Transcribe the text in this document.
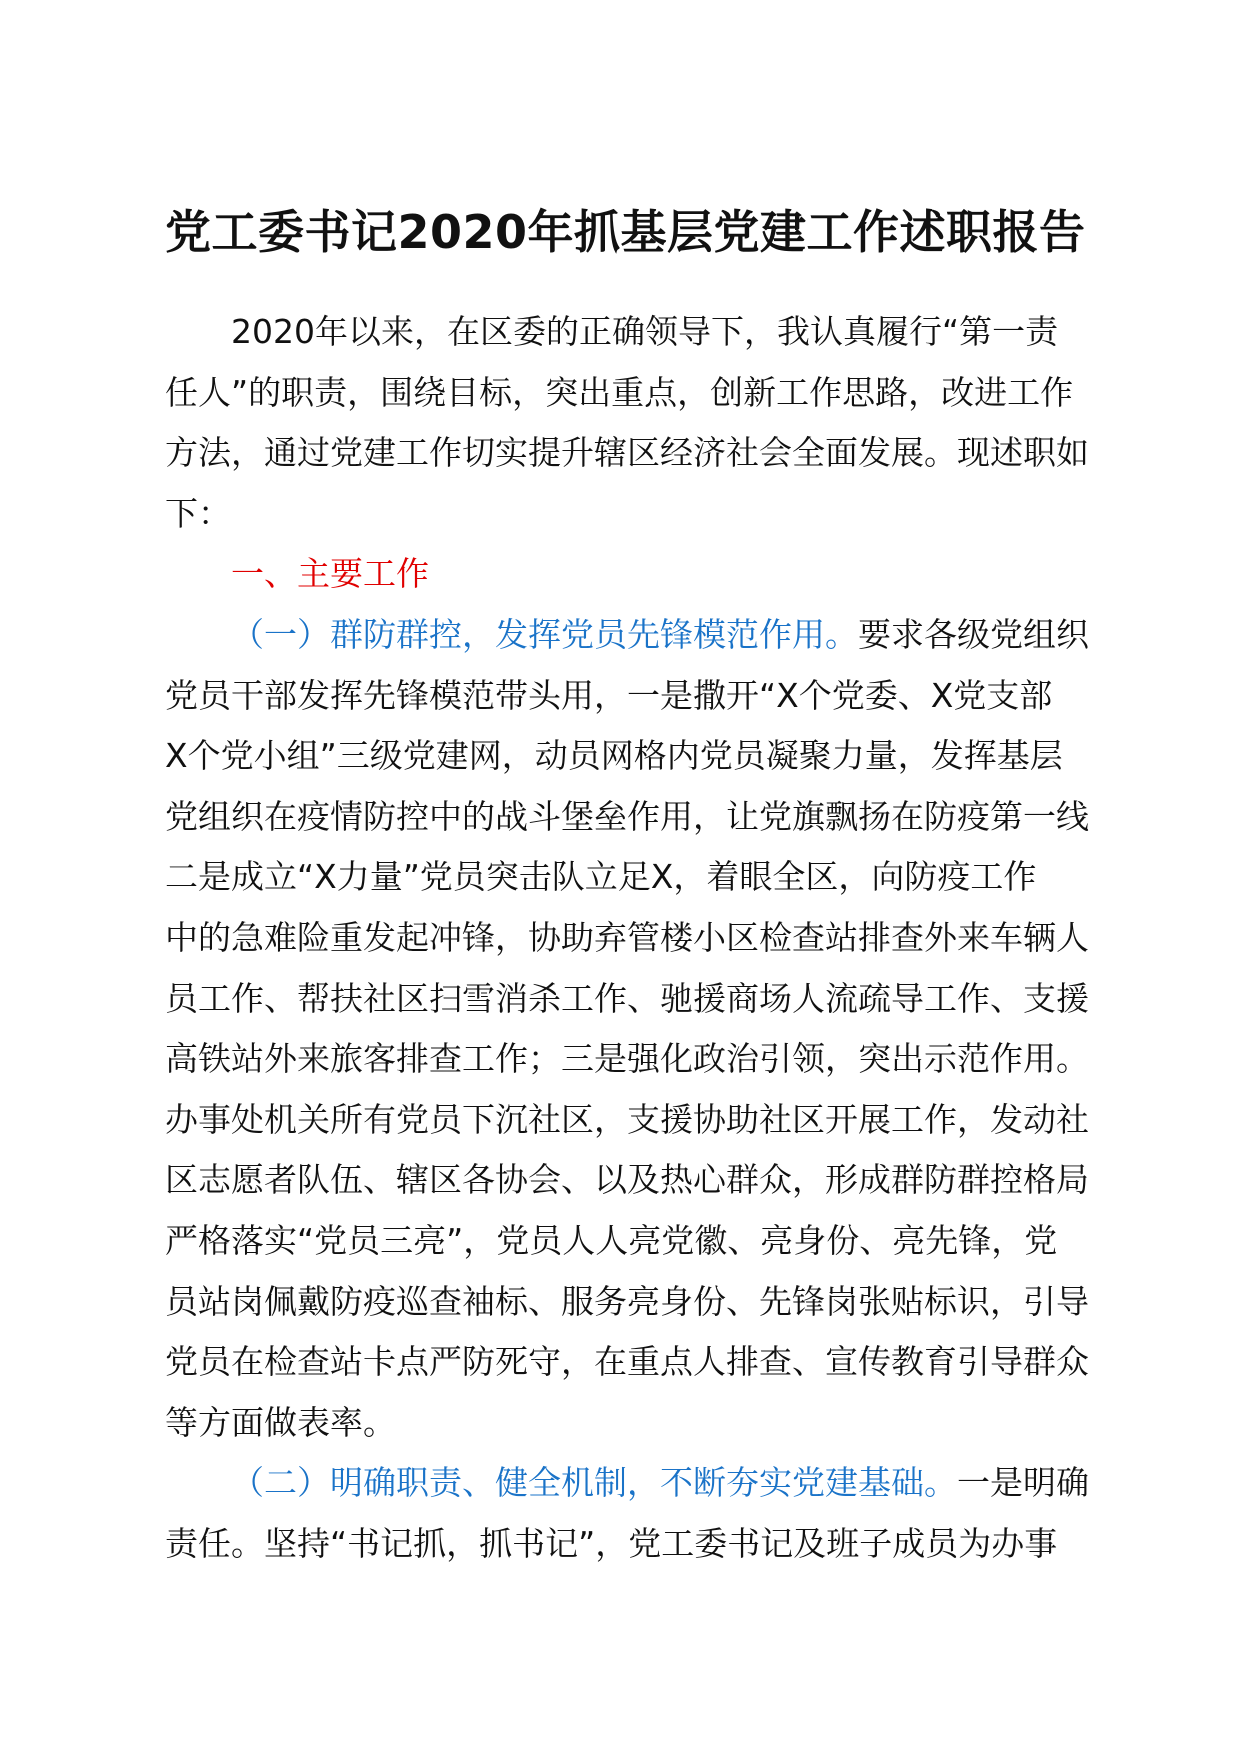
党工委书记2020年抓基层党建工作述职报告
2020年以来，在区委的正确领导下，我认真履行“第一责
任人”的职责，围绕目标，突出重点，创新工作思路，改进工作
方法，通过党建工作切实提升辖区经济社会全面发展。现述职如
下：
一、主要工作
（一）群防群控，发挥党员先锋模范作用。要求各级党组织
党员干部发挥先锋模范带头用，一是撒开“X个党委、X党支部
X个党小组”三级党建网，动员网格内党员凝聚力量，发挥基层
党组织在疫情防控中的战斗堡垒作用，让党旗飘扬在防疫第一线
二是成立“X力量”党员突击队立足X，着眼全区，向防疫工作
中的急难险重发起冲锋，协助弃管楼小区检查站排查外来车辆人
员工作、帮扶社区扫雪消杀工作、驰援商场人流疏导工作、支援
高铁站外来旅客排查工作；三是强化政治引领，突出示范作用。
办事处机关所有党员下沉社区，支援协助社区开展工作，发动社
区志愿者队伍、辖区各协会、以及热心群众，形成群防群控格局
严格落实“党员三亮”，党员人人亮党徽、亮身份、亮先锋，党
员站岗佩戴防疫巡查袖标、服务亮身份、先锋岗张贴标识，引导
党员在检查站卡点严防死守，在重点人排查、宣传教育引导群众
等方面做表率。
（二）明确职责、健全机制，不断夯实党建基础。一是明确
责任。坚持“书记抓，抓书记”，党工委书记及班子成员为办事
